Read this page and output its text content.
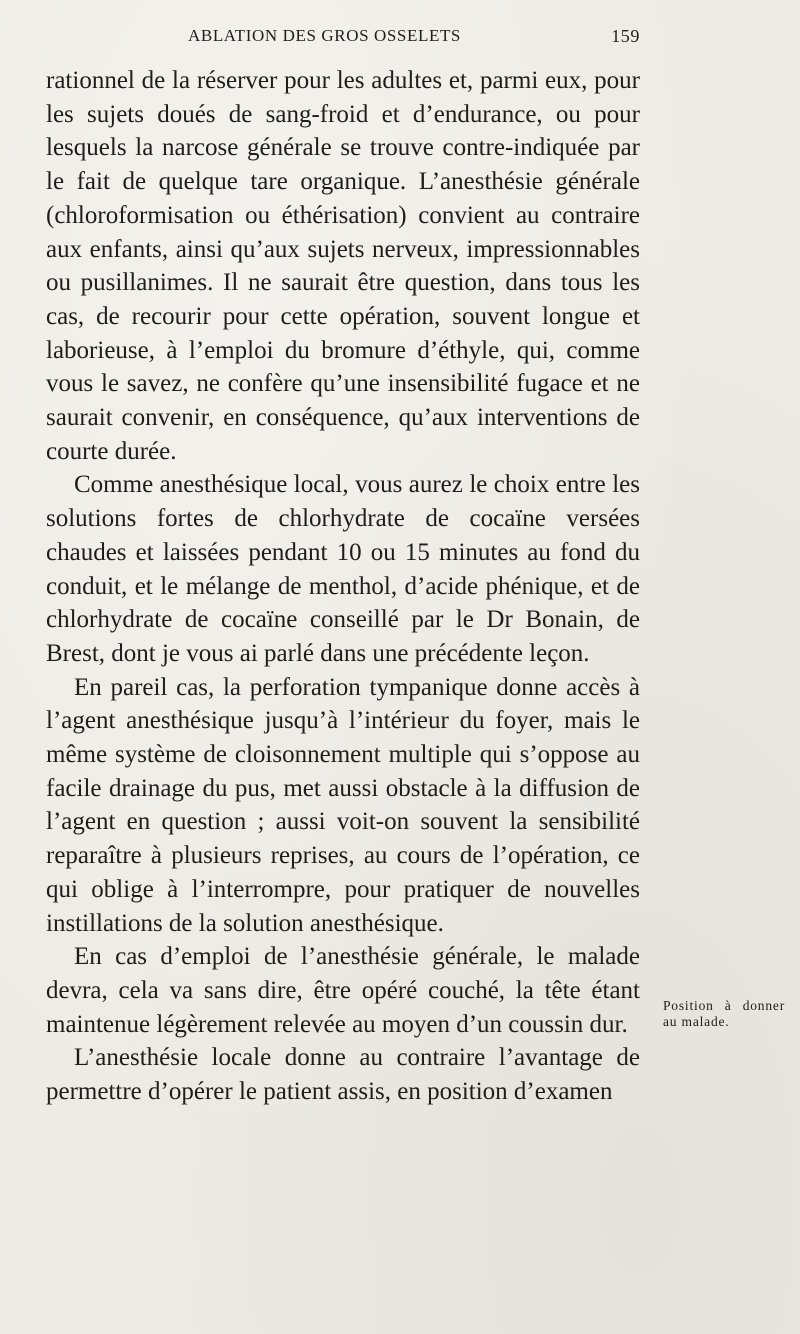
ABLATION DES GROS OSSELETS	159

rationnel de la réserver pour les adultes et, parmi eux, pour les sujets doués de sang-froid et d’endurance, ou pour lesquels la narcose générale se trouve contre-indiquée par le fait de quelque tare organique. L’anesthésie générale (chloroformisation ou éthérisation) convient au contraire aux enfants, ainsi qu’aux sujets nerveux, impressionnables ou pusillanimes. Il ne saurait être question, dans tous les cas, de recourir pour cette opération, souvent longue et laborieuse, à l’emploi du bromure d’éthyle, qui, comme vous le savez, ne confère qu’une insensibilité fugace et ne saurait convenir, en conséquence, qu’aux interventions de courte durée.

Comme anesthésique local, vous aurez le choix entre les solutions fortes de chlorhydrate de cocaïne versées chaudes et laissées pendant 10 ou 15 minutes au fond du conduit, et le mélange de menthol, d’acide phénique, et de chlorhydrate de cocaïne conseillé par le Dr Bonain, de Brest, dont je vous ai parlé dans une précédente leçon.

En pareil cas, la perforation tympanique donne accès à l’agent anesthésique jusqu’à l’intérieur du foyer, mais le même système de cloisonnement multiple qui s’oppose au facile drainage du pus, met aussi obstacle à la diffusion de l’agent en question ; aussi voit-on souvent la sensibilité reparaître à plusieurs reprises, au cours de l’opération, ce qui oblige à l’interrompre, pour pratiquer de nouvelles instillations de la solution anesthésique.

En cas d’emploi de l’anesthésie générale, le malade devra, cela va sans dire, être opéré couché, la tête étant maintenue légèrement relevée au moyen d’un coussin dur.

L’anesthésie locale donne au contraire l’avantage de permettre d’opérer le patient assis, en position d’examen

Position à donner au malade.
